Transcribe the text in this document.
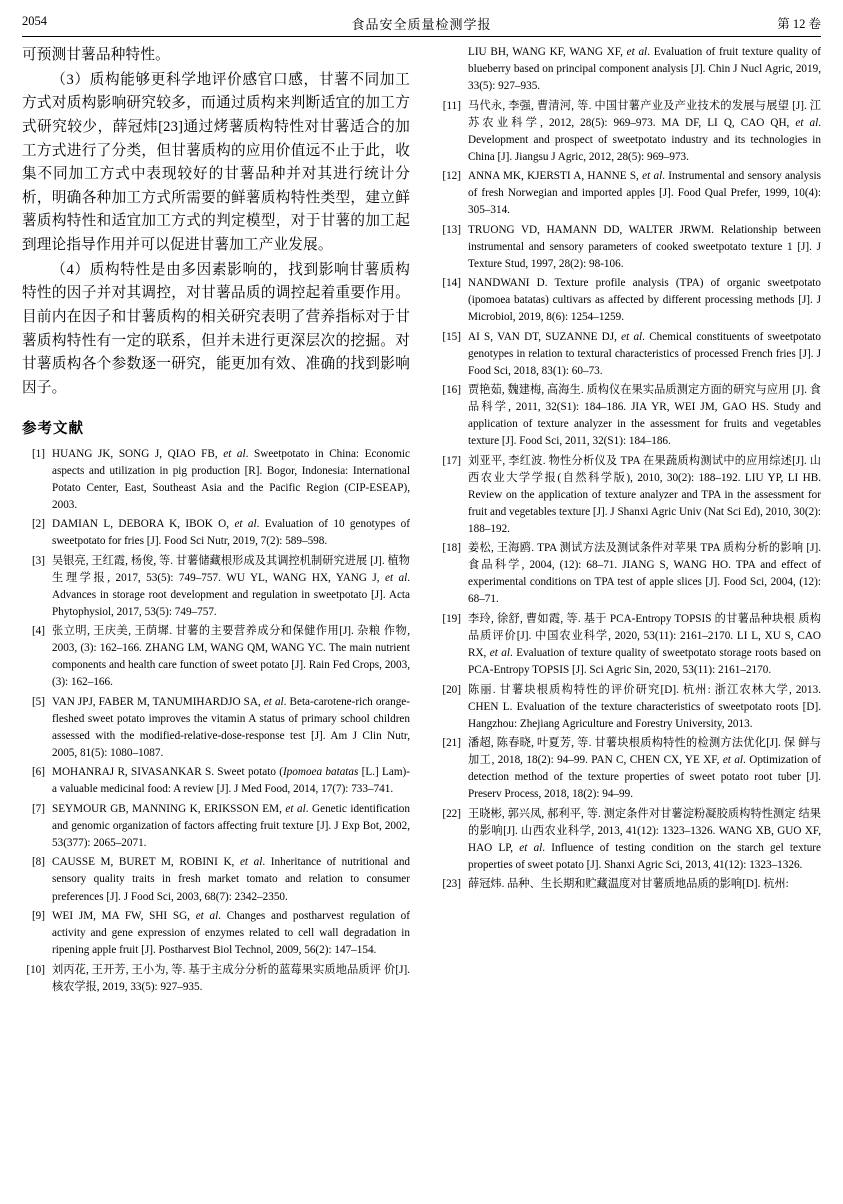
2054	食品安全质量检测学报	第 12 卷
可预测甘薯品种特性。
（3）质构能够更科学地评价感官口感，甘薯不同加工方式对质构影响研究较多，而通过质构来判断适宜的加工方式研究较少，薛冠炜[23]通过烤薯质构特性对甘薯适合的加工方式进行了分类，但甘薯质构的应用价值远不止于此，收集不同加工方式中表现较好的甘薯品种并对其进行统计分析，明确各种加工方式所需要的鲜薯质构特性类型，建立鲜薯质构特性和适宜加工方式的判定模型，对于甘薯的加工起到理论指导作用并可以促进甘薯加工产业发展。
（4）质构特性是由多因素影响的，找到影响甘薯质构特性的因子并对其调控，对甘薯品质的调控起着重要作用。目前内在因子和甘薯质构的相关研究表明了营养指标对于甘薯质构特性有一定的联系，但并未进行更深层次的挖掘。对甘薯质构各个参数逐一研究，能更加有效、准确的找到影响因子。
参考文献
[1] HUANG JK, SONG J, QIAO FB, et al. Sweetpotato in China: Economic aspects and utilization in pig production [R]. Bogor, Indonesia: International Potato Center, East, Southeast Asia and the Pacific Region (CIP-ESEAP), 2003.
[2] DAMIAN L, DEBORA K, IBOK O, et al. Evaluation of 10 genotypes of sweetpotato for fries [J]. Food Sci Nutr, 2019, 7(2): 589–598.
[3] 吴银亮, 王红霞, 杨俊, 等. 甘薯储藏根形成及其调控机制研究进展 [J]. 植物生理学报, 2017, 53(5): 749–757. WU YL, WANG HX, YANG J, et al. Advances in storage root development and regulation in sweetpotato [J]. Acta Phytophysiol, 2017, 53(5): 749–757.
[4] 张立明, 王庆美, 王荫墀. 甘薯的主要营养成分和保健作用[J]. 杂粮 作物, 2003, (3): 162–166. ZHANG LM, WANG QM, WANG YC. The main nutrient components and health care function of sweet potato [J]. Rain Fed Crops, 2003, (3): 162–166.
[5] VAN JPJ, FABER M, TANUMIHARDJO SA, et al. Beta-carotene-rich orange-fleshed sweet potato improves the vitamin A status of primary school children assessed with the modified-relative-dose-response test [J]. Am J Clin Nutr, 2005, 81(5): 1080–1087.
[6] MOHANRAJ R, SIVASANKAR S. Sweet potato (Ipomoea batatas [L.] Lam)-a valuable medicinal food: A review [J]. J Med Food, 2014, 17(7): 733–741.
[7] SEYMOUR GB, MANNING K, ERIKSSON EM, et al. Genetic identification and genomic organization of factors affecting fruit texture [J]. J Exp Bot, 2002, 53(377): 2065–2071.
[8] CAUSSE M, BURET M, ROBINI K, et al. Inheritance of nutritional and sensory quality traits in fresh market tomato and relation to consumer preferences [J]. J Food Sci, 2003, 68(7): 2342–2350.
[9] WEI JM, MA FW, SHI SG, et al. Changes and postharvest regulation of activity and gene expression of enzymes related to cell wall degradation in ripening apple fruit [J]. Postharvest Biol Technol, 2009, 56(2): 147–154.
[10] 刘丙花, 王开芳, 王小为, 等. 基于主成分分析的蓝莓果实质地品质评 价[J]. 核农学报, 2019, 33(5): 927–935.
LIU BH, WANG KF, WANG XF, et al. Evaluation of fruit texture quality of blueberry based on principal component analysis [J]. Chin J Nucl Agric, 2019, 33(5): 927–935.
[11] 马代永, 李强, 曹清河, 等. 中国甘薯产业及产业技术的发展与展望 [J]. 江苏农业科学, 2012, 28(5): 969–973. MA DF, LI Q, CAO QH, et al. Development and prospect of sweetpotato industry and its technologies in China [J]. Jiangsu J Agric, 2012, 28(5): 969–973.
[12] ANNA MK, KJERSTI A, HANNE S, et al. Instrumental and sensory analysis of fresh Norwegian and imported apples [J]. Food Qual Prefer, 1999, 10(4): 305–314.
[13] TRUONG VD, HAMANN DD, WALTER JRWM. Relationship between instrumental and sensory parameters of cooked sweetpotato texture 1 [J]. J Texture Stud, 1997, 28(2): 98-106.
[14] NANDWANI D. Texture profile analysis (TPA) of organic sweetpotato (ipomoea batatas) cultivars as affected by different processing methods [J]. J Microbiol, 2019, 8(6): 1254–1259.
[15] AI S, VAN DT, SUZANNE DJ, et al. Chemical constituents of sweetpotato genotypes in relation to textural characteristics of processed French fries [J]. J Food Sci, 2018, 83(1): 60–73.
[16] 贾艳茹, 魏建梅, 高海生. 质构仪在果实品质测定方面的研究与应用 [J]. 食品科学, 2011, 32(S1): 184–186. JIA YR, WEI JM, GAO HS. Study and application of texture analyzer in the assessment for fruits and vegetables texture [J]. Food Sci, 2011, 32(S1): 184–186.
[17] 刘亚平, 李红波. 物性分析仪及 TPA 在果蔬质构测试中的应用综述[J]. 山西农业大学学报(自然科学版), 2010, 30(2): 188–192. LIU YP, LI HB. Review on the application of texture analyzer and TPA in the assessment for fruit and vegetables texture [J]. J Shanxi Agric Univ (Nat Sci Ed), 2010, 30(2): 188–192.
[18] 姜松, 王海鸥. TPA 测试方法及测试条件对苹果 TPA 质构分析的影响 [J]. 食品科学, 2004, (12): 68–71. JIANG S, WANG HO. TPA and effect of experimental conditions on TPA test of apple slices [J]. Food Sci, 2004, (12): 68–71.
[19] 李玲, 徐舒, 曹如霞, 等. 基于 PCA-Entropy TOPSIS 的甘薯品种块根 质构品质评价[J]. 中国农业科学, 2020, 53(11): 2161–2170. LI L, XU S, CAO RX, et al. Evaluation of texture quality of sweetpotato storage roots based on PCA-Entropy TOPSIS [J]. Sci Agric Sin, 2020, 53(11): 2161–2170.
[20] 陈丽. 甘薯块根质构特性的评价研究[D]. 杭州: 浙江农林大学, 2013. CHEN L. Evaluation of the texture characteristics of sweetpotato roots [D]. Hangzhou: Zhejiang Agriculture and Forestry University, 2013.
[21] 潘超, 陈春晓, 叶夏芳, 等. 甘薯块根质构特性的检测方法优化[J]. 保 鲜与加工, 2018, 18(2): 94–99. PAN C, CHEN CX, YE XF, et al. Optimization of detection method of the texture properties of sweet potato root tuber [J]. Preserv Process, 2018, 18(2): 94–99.
[22] 王晓彬, 郭兴凤, 郝利平, 等. 测定条件对甘薯淀粉凝胶质构特性测定 结果的影响[J]. 山西农业科学, 2013, 41(12): 1323–1326. WANG XB, GUO XF, HAO LP, et al. Influence of testing condition on the starch gel texture properties of sweet potato [J]. Shanxi Agric Sci, 2013, 41(12): 1323–1326.
[23] 薛冠炜. 品种、生长期和贮藏温度对甘薯质地品质的影响[D]. 杭州:
